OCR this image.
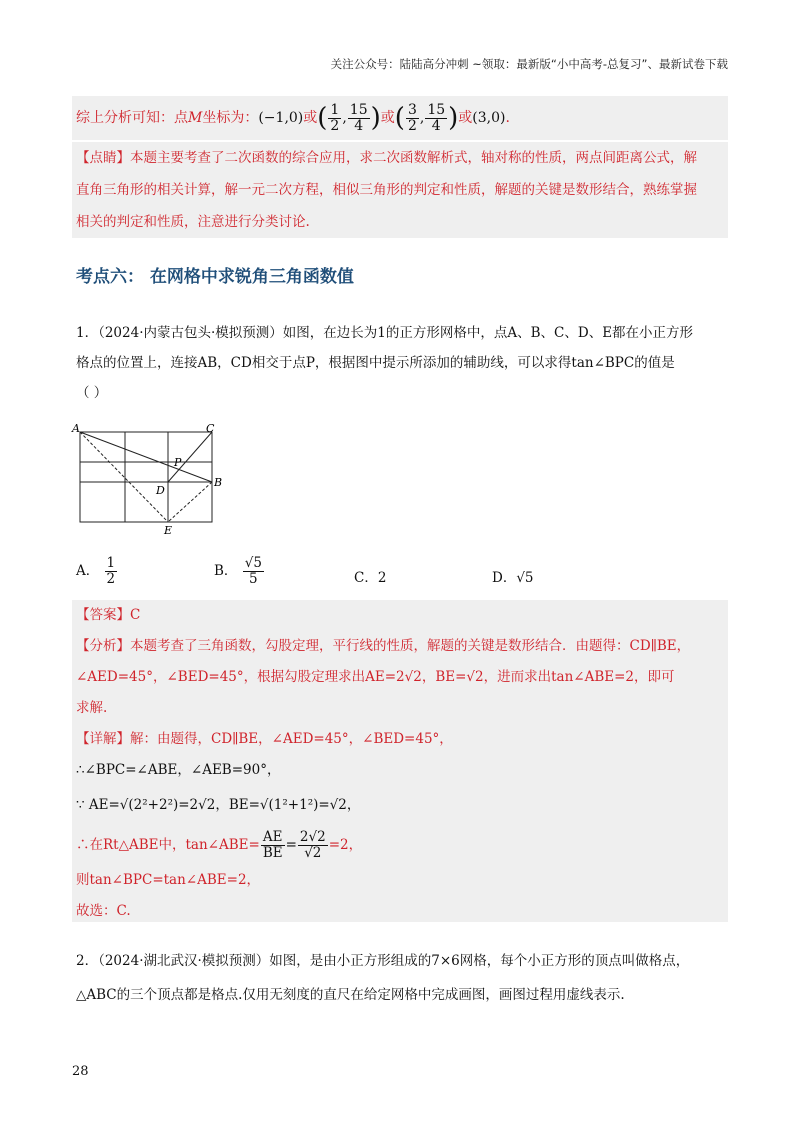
关注公众号：陆陆高分冲刺 ~领取：最新版“小中高考-总复习”、最新试卷下载
综上分析可知：点M坐标为：(−1,0)或( $\frac{1}{2}$ , $\frac{15}{4}$ )或( $\frac{3}{2}$ , $\frac{15}{4}$ )或(3,0).
【点睛】本题主要考查了二次函数的综合应用，求二次函数解析式，轴对称的性质，两点间距离公式，解
直角三角形的相关计算，解一元二次方程，相似三角形的判定和性质，解题的关键是数形结合，熟练掌握
相关的判定和性质，注意进行分类讨论.
考点六： 在网格中求锐角三角函数值
1．（2024·内蒙古包头·模拟预测）如图，在边长为1的正方形网格中，点A、B、C、D、E都在小正方形
格点的位置上，连接AB，CD相交于点P，根据图中提示所添加的辅助线，可以求得tan∠BPC的值是
（ ）
A	C
P
D
B
E
A． $\frac{1}{2}$	B． $\frac{√5}{5}$	C．2	D．√5
【答案】C
【分析】本题考查了三角函数，勾股定理，平行线的性质，解题的关键是数形结合．由题得：CD∥BE，
∠AED=45°，∠BED=45°，根据勾股定理求出AE=2√2，BE=√2，进而求出tan∠ABE=2，即可
求解.
【详解】解：由题得，CD∥BE，∠AED=45°，∠BED=45°，
∴∠BPC=∠ABE，∠AEB=90°，
∵ AE=√(2²+2²)=2√2，BE=√(1²+1²)=√2，
∴在Rt△ABE中，tan∠ABE= $\frac{AE}{BE} = \frac{2√2}{√2} =2$，
则tan∠BPC=tan∠ABE=2，
故选：C.
2．（2024·湖北武汉·模拟预测）如图，是由小正方形组成的7×6网格，每个小正方形的顶点叫做格点，
△ABC的三个顶点都是格点.仅用无刻度的直尺在给定网格中完成画图，画图过程用虚线表示.
28
